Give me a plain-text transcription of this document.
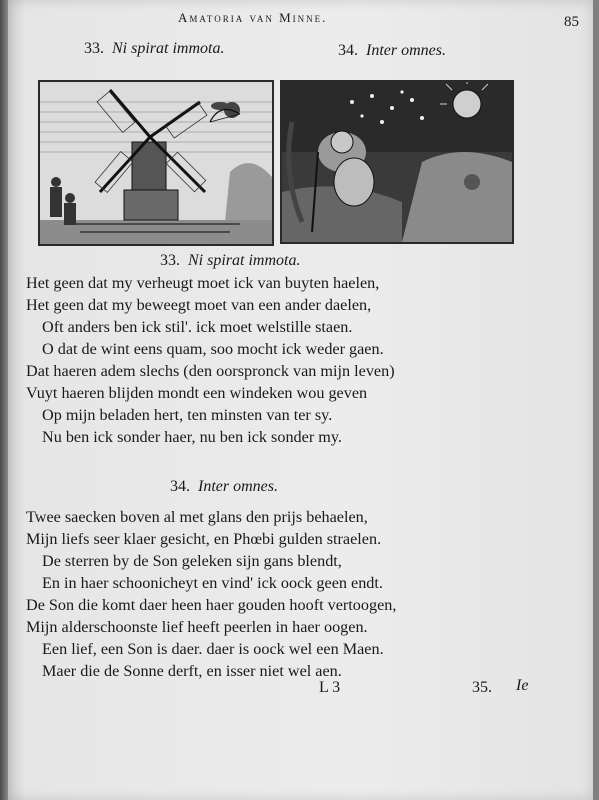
Amatoria van Minne.	85
33. Ni spirat immota.	34. Inter omnes.
33. Ni spirat immota.
Het geen dat my verheugt moet ick van buyten haelen,
Het geen dat my beweegt moet van een ander daelen,
Oft anders ben ick stil'. ick moet welstille staen.
O dat de wint eens quam, soo mocht ick weder gaen.
Dat haeren adem slechs (den oorspronck van mijn leven)
Vuyt haeren blijden mondt een windeken wou geven
Op mijn beladen hert, ten minsten van ter sy.
Nu ben ick sonder haer, nu ben ick sonder my.
34. Inter omnes.
Twee saecken boven al met glans den prijs behaelen,
Mijn liefs seer klaer gesicht, en Phœbi gulden straelen.
De sterren by de Son geleken sijn gans blendt,
En in haer schoonicheyt en vind' ick oock geen endt.
De Son die komt daer heen haer gouden hooft vertoogen,
Mijn alderschoonste lief heeft peerlen in haer oogen.
Een lief, een Son is daer. daer is oock wel een Maen.
Maer die de Sonne derft, en isser niet wel aen.
L 3	35. Ie
